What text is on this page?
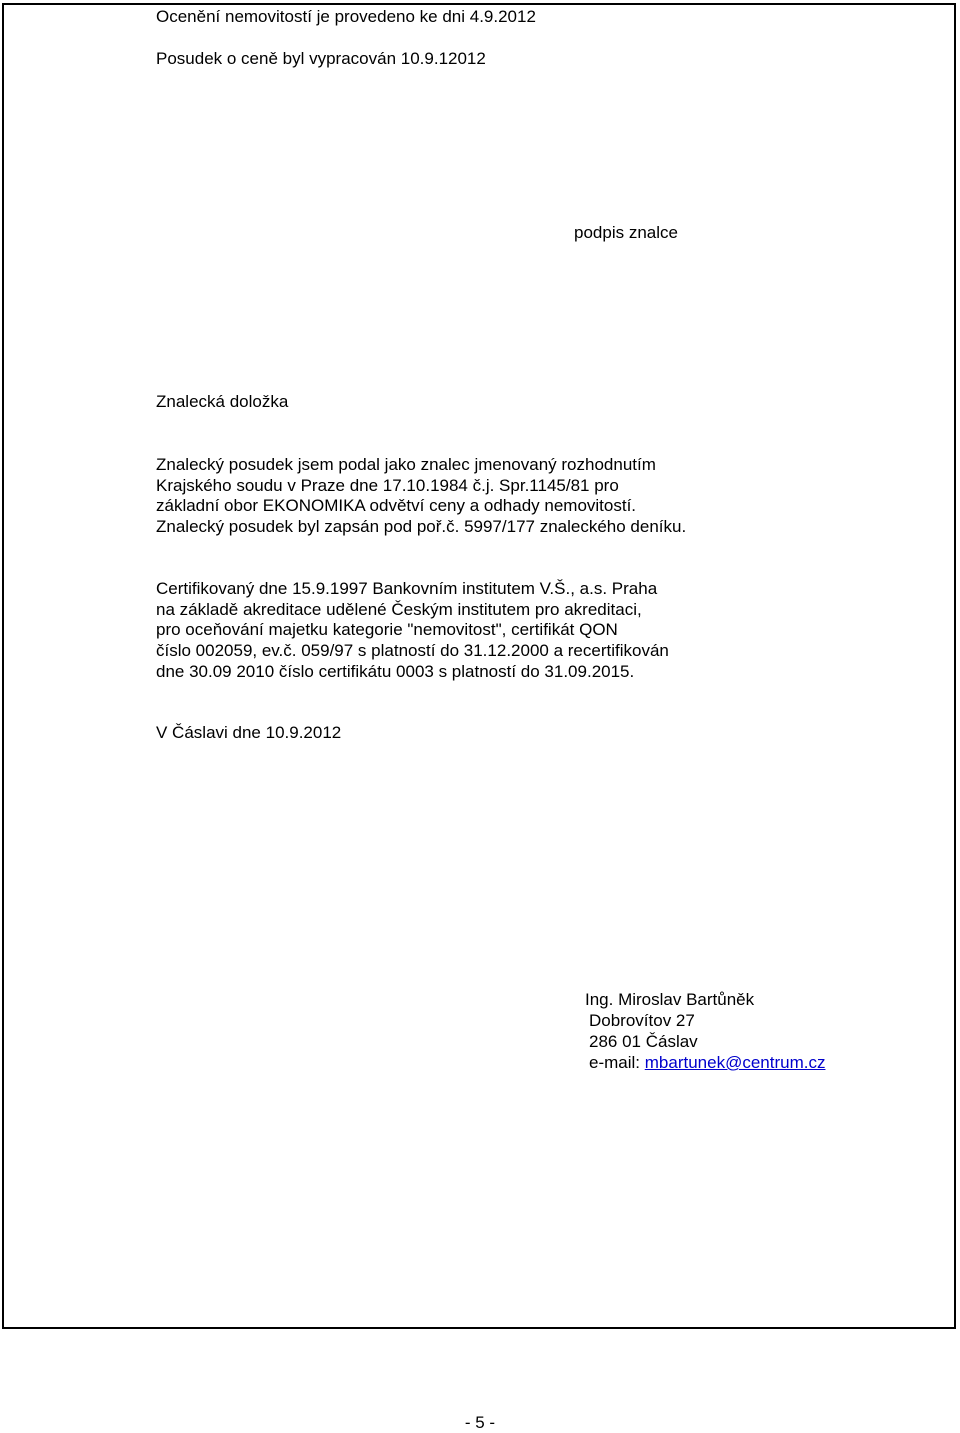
Ocenění nemovitostí je provedeno ke dni 4.9.2012
Posudek o ceně byl vypracován 10.9.12012
podpis znalce
Znalecká doložka
Znalecký posudek jsem podal jako znalec jmenovaný rozhodnutím
Krajského soudu v Praze dne 17.10.1984 č.j. Spr.1145/81 pro
základní obor EKONOMIKA odvětví ceny a odhady nemovitostí.
Znalecký posudek byl zapsán pod poř.č. 5997/177 znaleckého deníku.
Certifikovaný dne 15.9.1997 Bankovním institutem V.Š., a.s. Praha
na základě akreditace udělené Českým institutem pro akreditaci,
pro oceňování majetku kategorie "nemovitost", certifikát QON
číslo 002059, ev.č. 059/97 s platností do 31.12.2000 a recertifikován
dne 30.09 2010 číslo certifikátu 0003 s platností do 31.09.2015.
V Čáslavi dne 10.9.2012
Ing. Miroslav Bartůněk
Dobrovítov 27
286 01 Čáslav
e-mail: mbartunek@centrum.cz
- 5 -
